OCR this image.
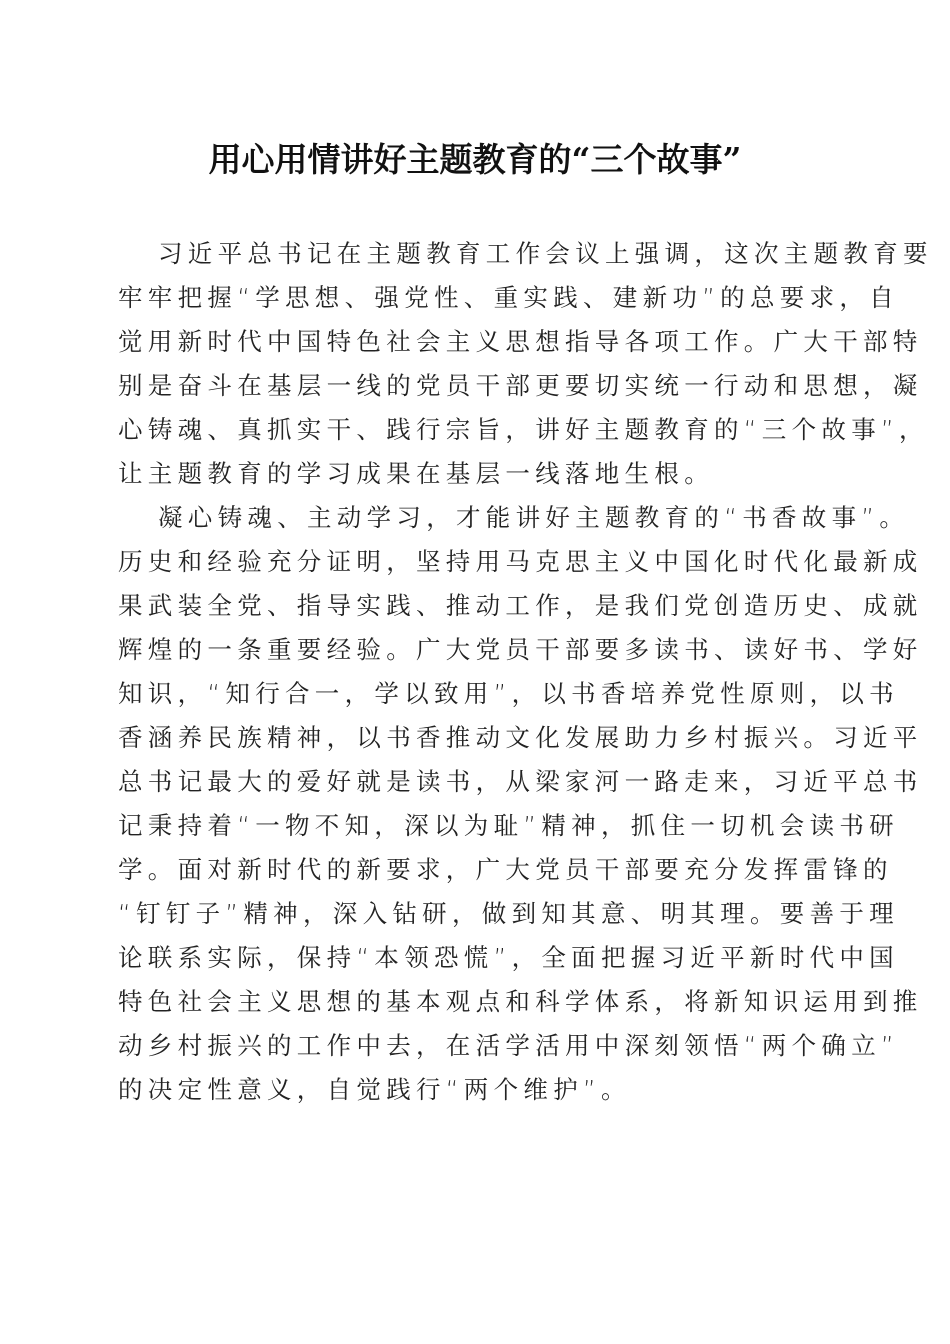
用心用情讲好主题教育的“三个故事”
习近平总书记在主题教育工作会议上强调，这次主题教育要
牢牢把握“学思想、强党性、重实践、建新功”的总要求，自
觉用新时代中国特色社会主义思想指导各项工作。广大干部特
别是奋斗在基层一线的党员干部更要切实统一行动和思想，凝
心铸魂、真抓实干、践行宗旨，讲好主题教育的“三个故事”，
让主题教育的学习成果在基层一线落地生根。
凝心铸魂、主动学习，才能讲好主题教育的“书香故事”。
历史和经验充分证明，坚持用马克思主义中国化时代化最新成
果武装全党、指导实践、推动工作，是我们党创造历史、成就
辉煌的一条重要经验。广大党员干部要多读书、读好书、学好
知识，“知行合一，学以致用”，以书香培养党性原则，以书
香涵养民族精神，以书香推动文化发展助力乡村振兴。习近平
总书记最大的爱好就是读书，从梁家河一路走来，习近平总书
记秉持着“一物不知，深以为耻”精神，抓住一切机会读书研
学。面对新时代的新要求，广大党员干部要充分发挥雷锋的
“钉钉子”精神，深入钻研，做到知其意、明其理。要善于理
论联系实际，保持“本领恐慌”，全面把握习近平新时代中国
特色社会主义思想的基本观点和科学体系，将新知识运用到推
动乡村振兴的工作中去，在活学活用中深刻领悟“两个确立”
的决定性意义，自觉践行“两个维护”。
